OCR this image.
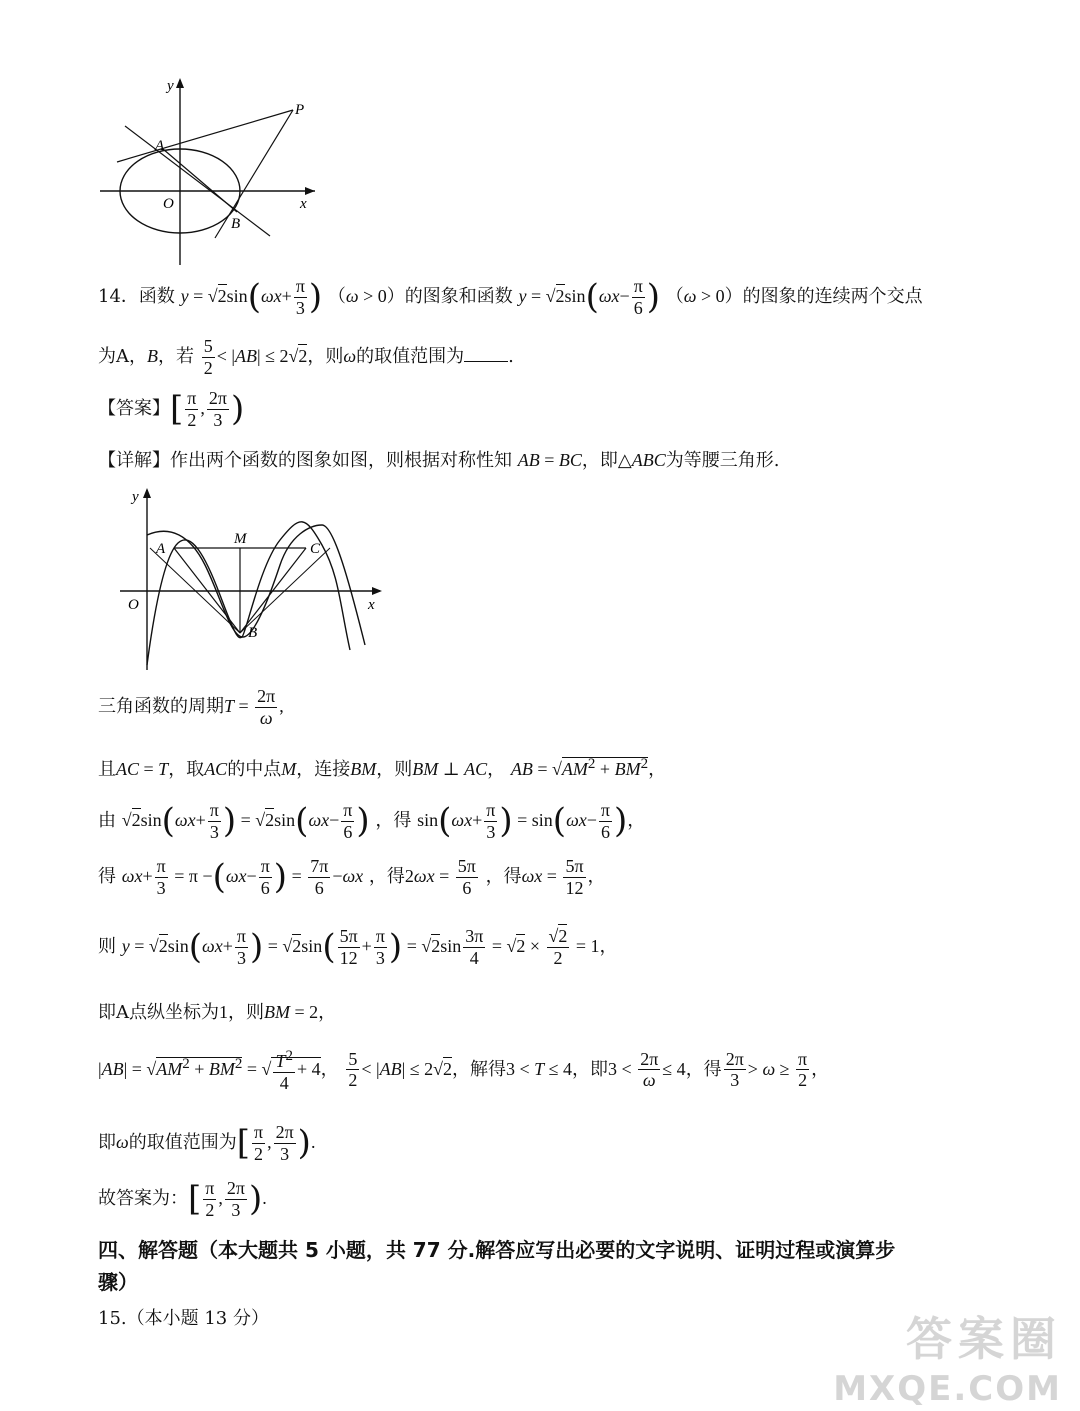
y
x
P
A
O
B
14．函数 $y = √2\sin(\omega x+ \frac{\pi}{3}$ ) （ω > 0）的图象和函数 $y = √2\sin(\omega x- \frac{\pi}{6}$ ) （ω > 0）的图象的连续两个交点
为A，B，若 $\frac{5}{2} < |AB| \le 2√2$，则ω的取值范围为 .
【答案】[ $\frac{\pi}{2}$ , $\frac{2\pi}{3}$ )
【详解】作出两个函数的图象如图，则根据对称性知 AB = BC，即△ABC为等腰三角形.
y
x
A
M
C
O
B
三角函数的周期$T = \frac{2\pi}{\omega}$ ,
且AC = T，取AC的中点M，连接BM，则BM ⊥ AC， AB = $√AM^2 + BM^2$，
由 $√2\sin(\omega x+ \frac{\pi}{3}$ ) = $√2\sin(\omega x- \frac{\pi}{6}$ ) ，得 $\sin(\omega x+ \frac{\pi}{3}$ ) = $\sin(\omega x- \frac{\pi}{6}$ )，
得 $\omega x+ \frac{\pi}{3} = \pi -(\omega x- \frac{\pi}{6}$ ) = $\frac{7\pi}{6} -\omega x$ ，得$2\omega x = \frac{5\pi}{6}$ ，得$\omega x = \frac{5\pi}{12}$ ，
则 $y = √2\sin(\omega x+ \frac{\pi}{3}$ ) = $√2\sin( \frac{5\pi}{12} + \frac{\pi}{3}$ ) = $√2\sin \frac{3\pi}{4} = √2 \times \frac{√2}{2} = 1$，
即A点纵坐标为1，则BM = 2，
$|AB| = √AM^2 + BM^2$ = √ $\frac{T^2}{4} + 4$， $\frac{5}{2} < |AB| \le 2√2$，解得3 < T ≤ 4，即$3 < \frac{2\pi}{\omega} \le 4$，得 $\frac{2\pi}{3} > \omega \ge \frac{\pi}{2}$ ，
即ω的取值范围为[ $\frac{\pi}{2}$ , $\frac{2\pi}{3}$ ).
故答案为：[ $\frac{\pi}{2}$ , $\frac{2\pi}{3}$ ).
四、解答题（本大题共 5 小题，共 77 分.解答应写出必要的文字说明、证明过程或演算步
骤）
15.（本小题 13 分）	答案圈
MXQE.COM
